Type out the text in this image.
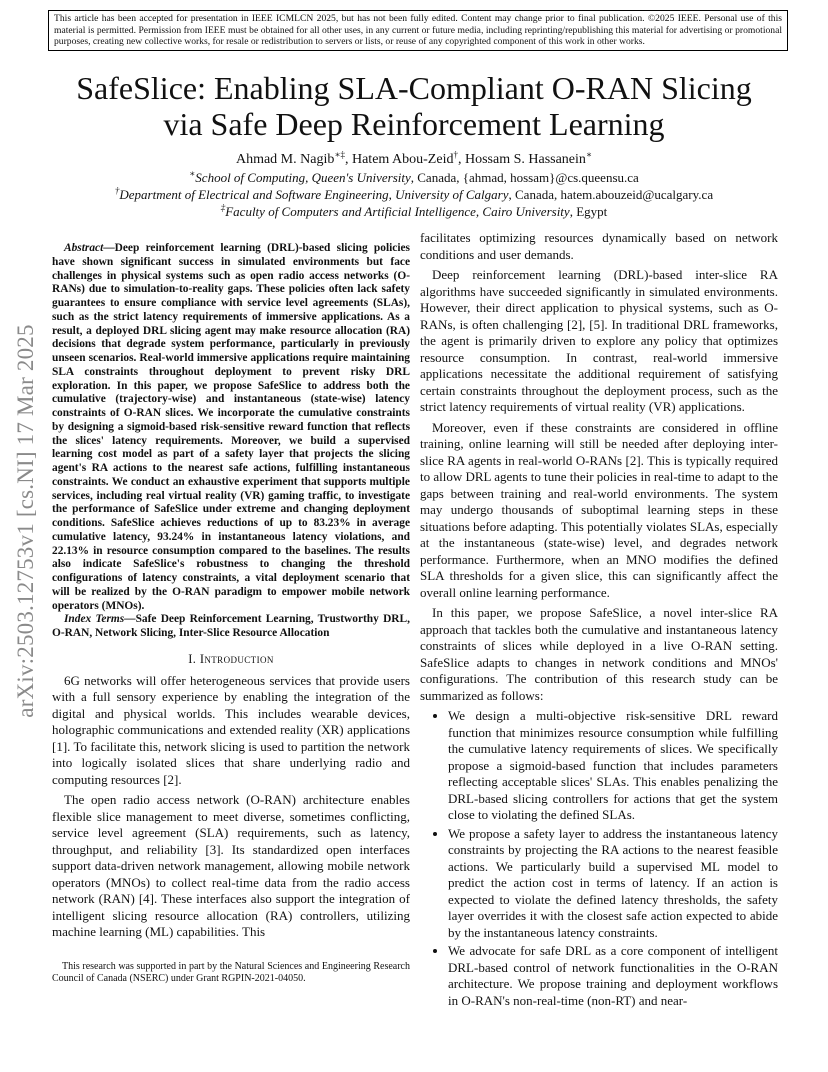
This article has been accepted for presentation in IEEE ICMLCN 2025, but has not been fully edited. Content may change prior to final publication. ©2025 IEEE. Personal use of this material is permitted. Permission from IEEE must be obtained for all other uses, in any current or future media, including reprinting/republishing this material for advertising or promotional purposes, creating new collective works, for resale or redistribution to servers or lists, or reuse of any copyrighted component of this work in other works.
arXiv:2503.12753v1 [cs.NI] 17 Mar 2025
SafeSlice: Enabling SLA-Compliant O-RAN Slicing
via Safe Deep Reinforcement Learning
Ahmad M. Nagib∗‡, Hatem Abou-Zeid†, Hossam S. Hassanein∗
∗School of Computing, Queen's University, Canada, {ahmad, hossam}@cs.queensu.ca
†Department of Electrical and Software Engineering, University of Calgary, Canada, hatem.abouzeid@ucalgary.ca
‡Faculty of Computers and Artificial Intelligence, Cairo University, Egypt

Abstract—Deep reinforcement learning (DRL)-based slicing policies have shown significant success in simulated environments but face challenges in physical systems such as open radio access networks (O-RANs) due to simulation-to-reality gaps. These policies often lack safety guarantees to ensure compliance with service level agreements (SLAs), such as the strict latency requirements of immersive applications. As a result, a deployed DRL slicing agent may make resource allocation (RA) decisions that degrade system performance, particularly in previously unseen scenarios. Real-world immersive applications require maintaining SLA constraints throughout deployment to prevent risky DRL exploration. In this paper, we propose SafeSlice to address both the cumulative (trajectory-wise) and instantaneous (state-wise) latency constraints of O-RAN slices. We incorporate the cumulative constraints by designing a sigmoid-based risk-sensitive reward function that reflects the slices' latency requirements. Moreover, we build a supervised learning cost model as part of a safety layer that projects the slicing agent's RA actions to the nearest safe actions, fulfilling instantaneous constraints. We conduct an exhaustive experiment that supports multiple services, including real virtual reality (VR) gaming traffic, to investigate the performance of SafeSlice under extreme and changing deployment conditions. SafeSlice achieves reductions of up to 83.23% in average cumulative latency, 93.24% in instantaneous latency violations, and 22.13% in resource consumption compared to the baselines. The results also indicate SafeSlice's robustness to changing the threshold configurations of latency constraints, a vital deployment scenario that will be realized by the O-RAN paradigm to empower mobile network operators (MNOs).

Index Terms—Safe Deep Reinforcement Learning, Trustworthy DRL, O-RAN, Network Slicing, Inter-Slice Resource Allocation

I. Introduction

6G networks will offer heterogeneous services that provide users with a full sensory experience by enabling the integration of the digital and physical worlds. This includes wearable devices, holographic communications and extended reality (XR) applications [1]. To facilitate this, network slicing is used to partition the network into logically isolated slices that share underlying radio and computing resources [2].

The open radio access network (O-RAN) architecture enables flexible slice management to meet diverse, sometimes conflicting, service level agreement (SLA) requirements, such as latency, throughput, and reliability [3]. Its standardized open interfaces support data-driven network management, allowing mobile network operators (MNOs) to collect real-time data from the radio access network (RAN) [4]. These interfaces also support the integration of intelligent slicing resource allocation (RA) controllers, utilizing machine learning (ML) capabilities. This

This research was supported in part by the Natural Sciences and Engineering Research Council of Canada (NSERC) under Grant RGPIN-2021-04050.

facilitates optimizing resources dynamically based on network conditions and user demands.

Deep reinforcement learning (DRL)-based inter-slice RA algorithms have succeeded significantly in simulated environments. However, their direct application to physical systems, such as O-RANs, is often challenging [2], [5]. In traditional DRL frameworks, the agent is primarily driven to explore any policy that optimizes resource consumption. In contrast, real-world immersive applications necessitate the additional requirement of satisfying certain constraints throughout the deployment process, such as the strict latency requirements of virtual reality (VR) applications.

Moreover, even if these constraints are considered in offline training, online learning will still be needed after deploying inter-slice RA agents in real-world O-RANs [2]. This is typically required to allow DRL agents to tune their policies in real-time to adapt to the gaps between training and real-world environments. The system may undergo thousands of suboptimal learning steps in these situations before adapting. This potentially violates SLAs, especially at the instantaneous (state-wise) level, and degrades network performance. Furthermore, when an MNO modifies the defined SLA thresholds for a given slice, this can significantly affect the overall online learning performance.

In this paper, we propose SafeSlice, a novel inter-slice RA approach that tackles both the cumulative and instantaneous latency constraints of slices while deployed in a live O-RAN setting. SafeSlice adapts to changes in network conditions and MNOs' configurations. The contribution of this research study can be summarized as follows:

• We design a multi-objective risk-sensitive DRL reward function that minimizes resource consumption while fulfilling the cumulative latency requirements of slices. We specifically propose a sigmoid-based function that includes parameters reflecting acceptable slices' SLAs. This enables penalizing the DRL-based slicing controllers for actions that get the system close to violating the defined SLAs.
• We propose a safety layer to address the instantaneous latency constraints by projecting the RA actions to the nearest feasible actions. We particularly build a supervised ML model to predict the action cost in terms of latency. If an action is expected to violate the defined latency thresholds, the safety layer overrides it with the closest safe action expected to abide by the instantaneous latency constraints.
• We advocate for safe DRL as a core component of intelligent DRL-based control of network functionalities in the O-RAN architecture. We propose training and deployment workflows in O-RAN's non-real-time (non-RT) and near-
